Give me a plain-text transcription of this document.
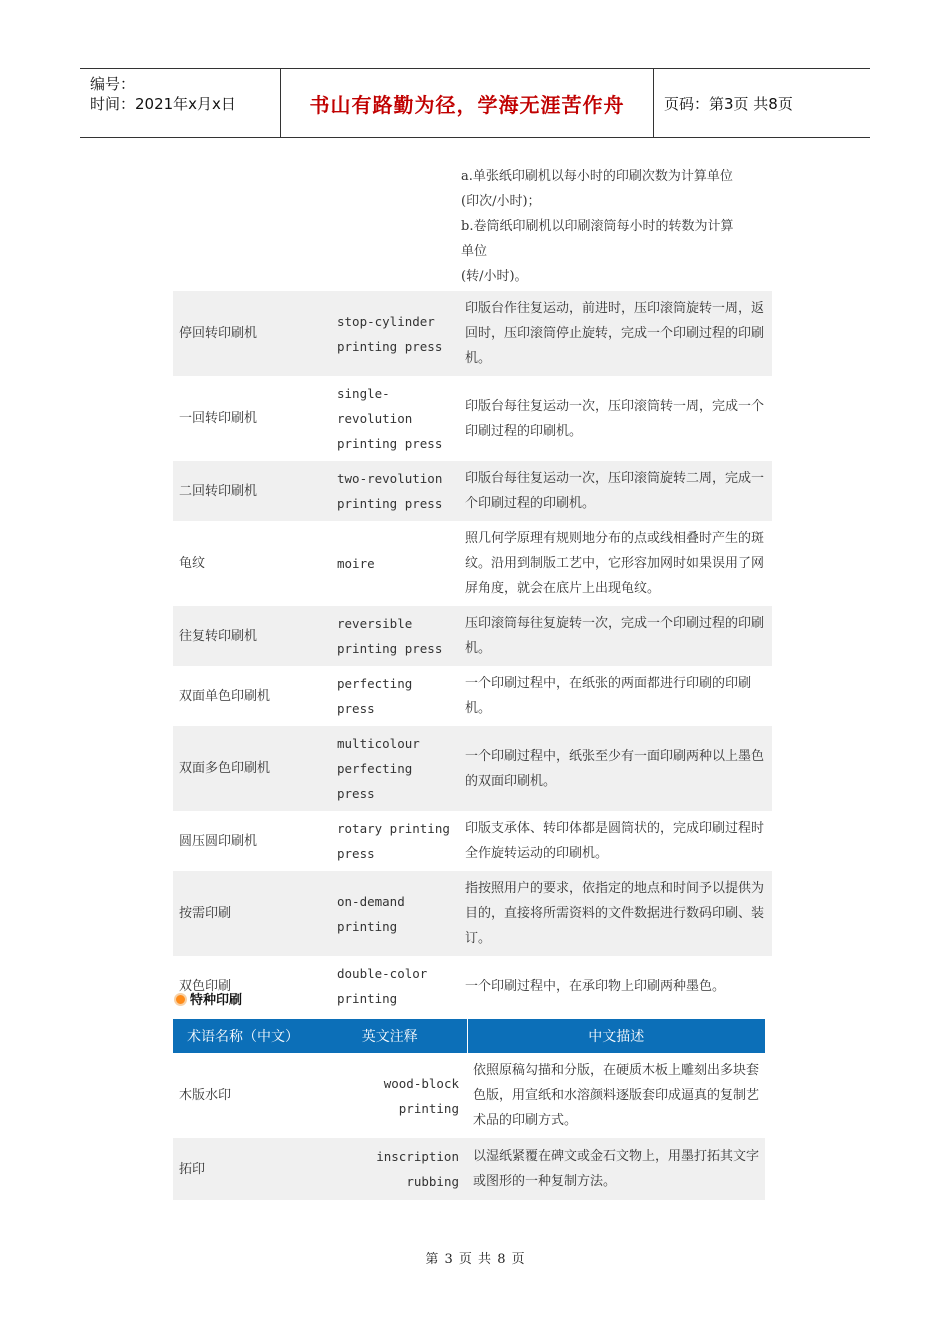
编号：
时间：2021年x月x日	书山有路勤为径，学海无涯苦作舟	页码：第3页 共8页
a.单张纸印刷机以每小时的印刷次数为计算单位
(印次/小时)；
b.卷筒纸印刷机以印刷滚筒每小时的转数为计算
单位
(转/小时)。
停回转印刷机	stop-cylinder printing press	印版台作往复运动，前进时，压印滚筒旋转一周，返回时，压印滚筒停止旋转，完成一个印刷过程的印刷机。
一回转印刷机	single-revolution printing press	印版台每往复运动一次，压印滚筒转一周，完成一个印刷过程的印刷机。
二回转印刷机	two-revolution printing press	印版台每往复运动一次，压印滚筒旋转二周，完成一个印刷过程的印刷机。
龟纹	moire	照几何学原理有规则地分布的点或线相叠时产生的斑纹。沿用到制版工艺中，它形容加网时如果误用了网屏角度，就会在底片上出现龟纹。
往复转印刷机	reversible printing press	压印滚筒每往复旋转一次，完成一个印刷过程的印刷机。
双面单色印刷机	perfecting press	一个印刷过程中，在纸张的两面都进行印刷的印刷机。
双面多色印刷机	multicolour perfecting press	一个印刷过程中，纸张至少有一面印刷两种以上墨色的双面印刷机。
圆压圆印刷机	rotary printing press	印版支承体、转印体都是圆筒状的，完成印刷过程时全作旋转运动的印刷机。
按需印刷	on-demand printing	指按照用户的要求，依指定的地点和时间予以提供为目的，直接将所需资料的文件数据进行数码印刷、装订。
双色印刷	double-color printing	一个印刷过程中，在承印物上印刷两种墨色。
特种印刷
术语名称（中文）	英文注释	中文描述
木版水印	wood-block printing	依照原稿勾描和分版，在硬质木板上雕刻出多块套色版，用宣纸和水溶颜料逐版套印成逼真的复制艺术品的印刷方式。
拓印	inscription rubbing	以湿纸紧覆在碑文或金石文物上，用墨打拓其文字或图形的一种复制方法。
第 3 页 共 8 页
